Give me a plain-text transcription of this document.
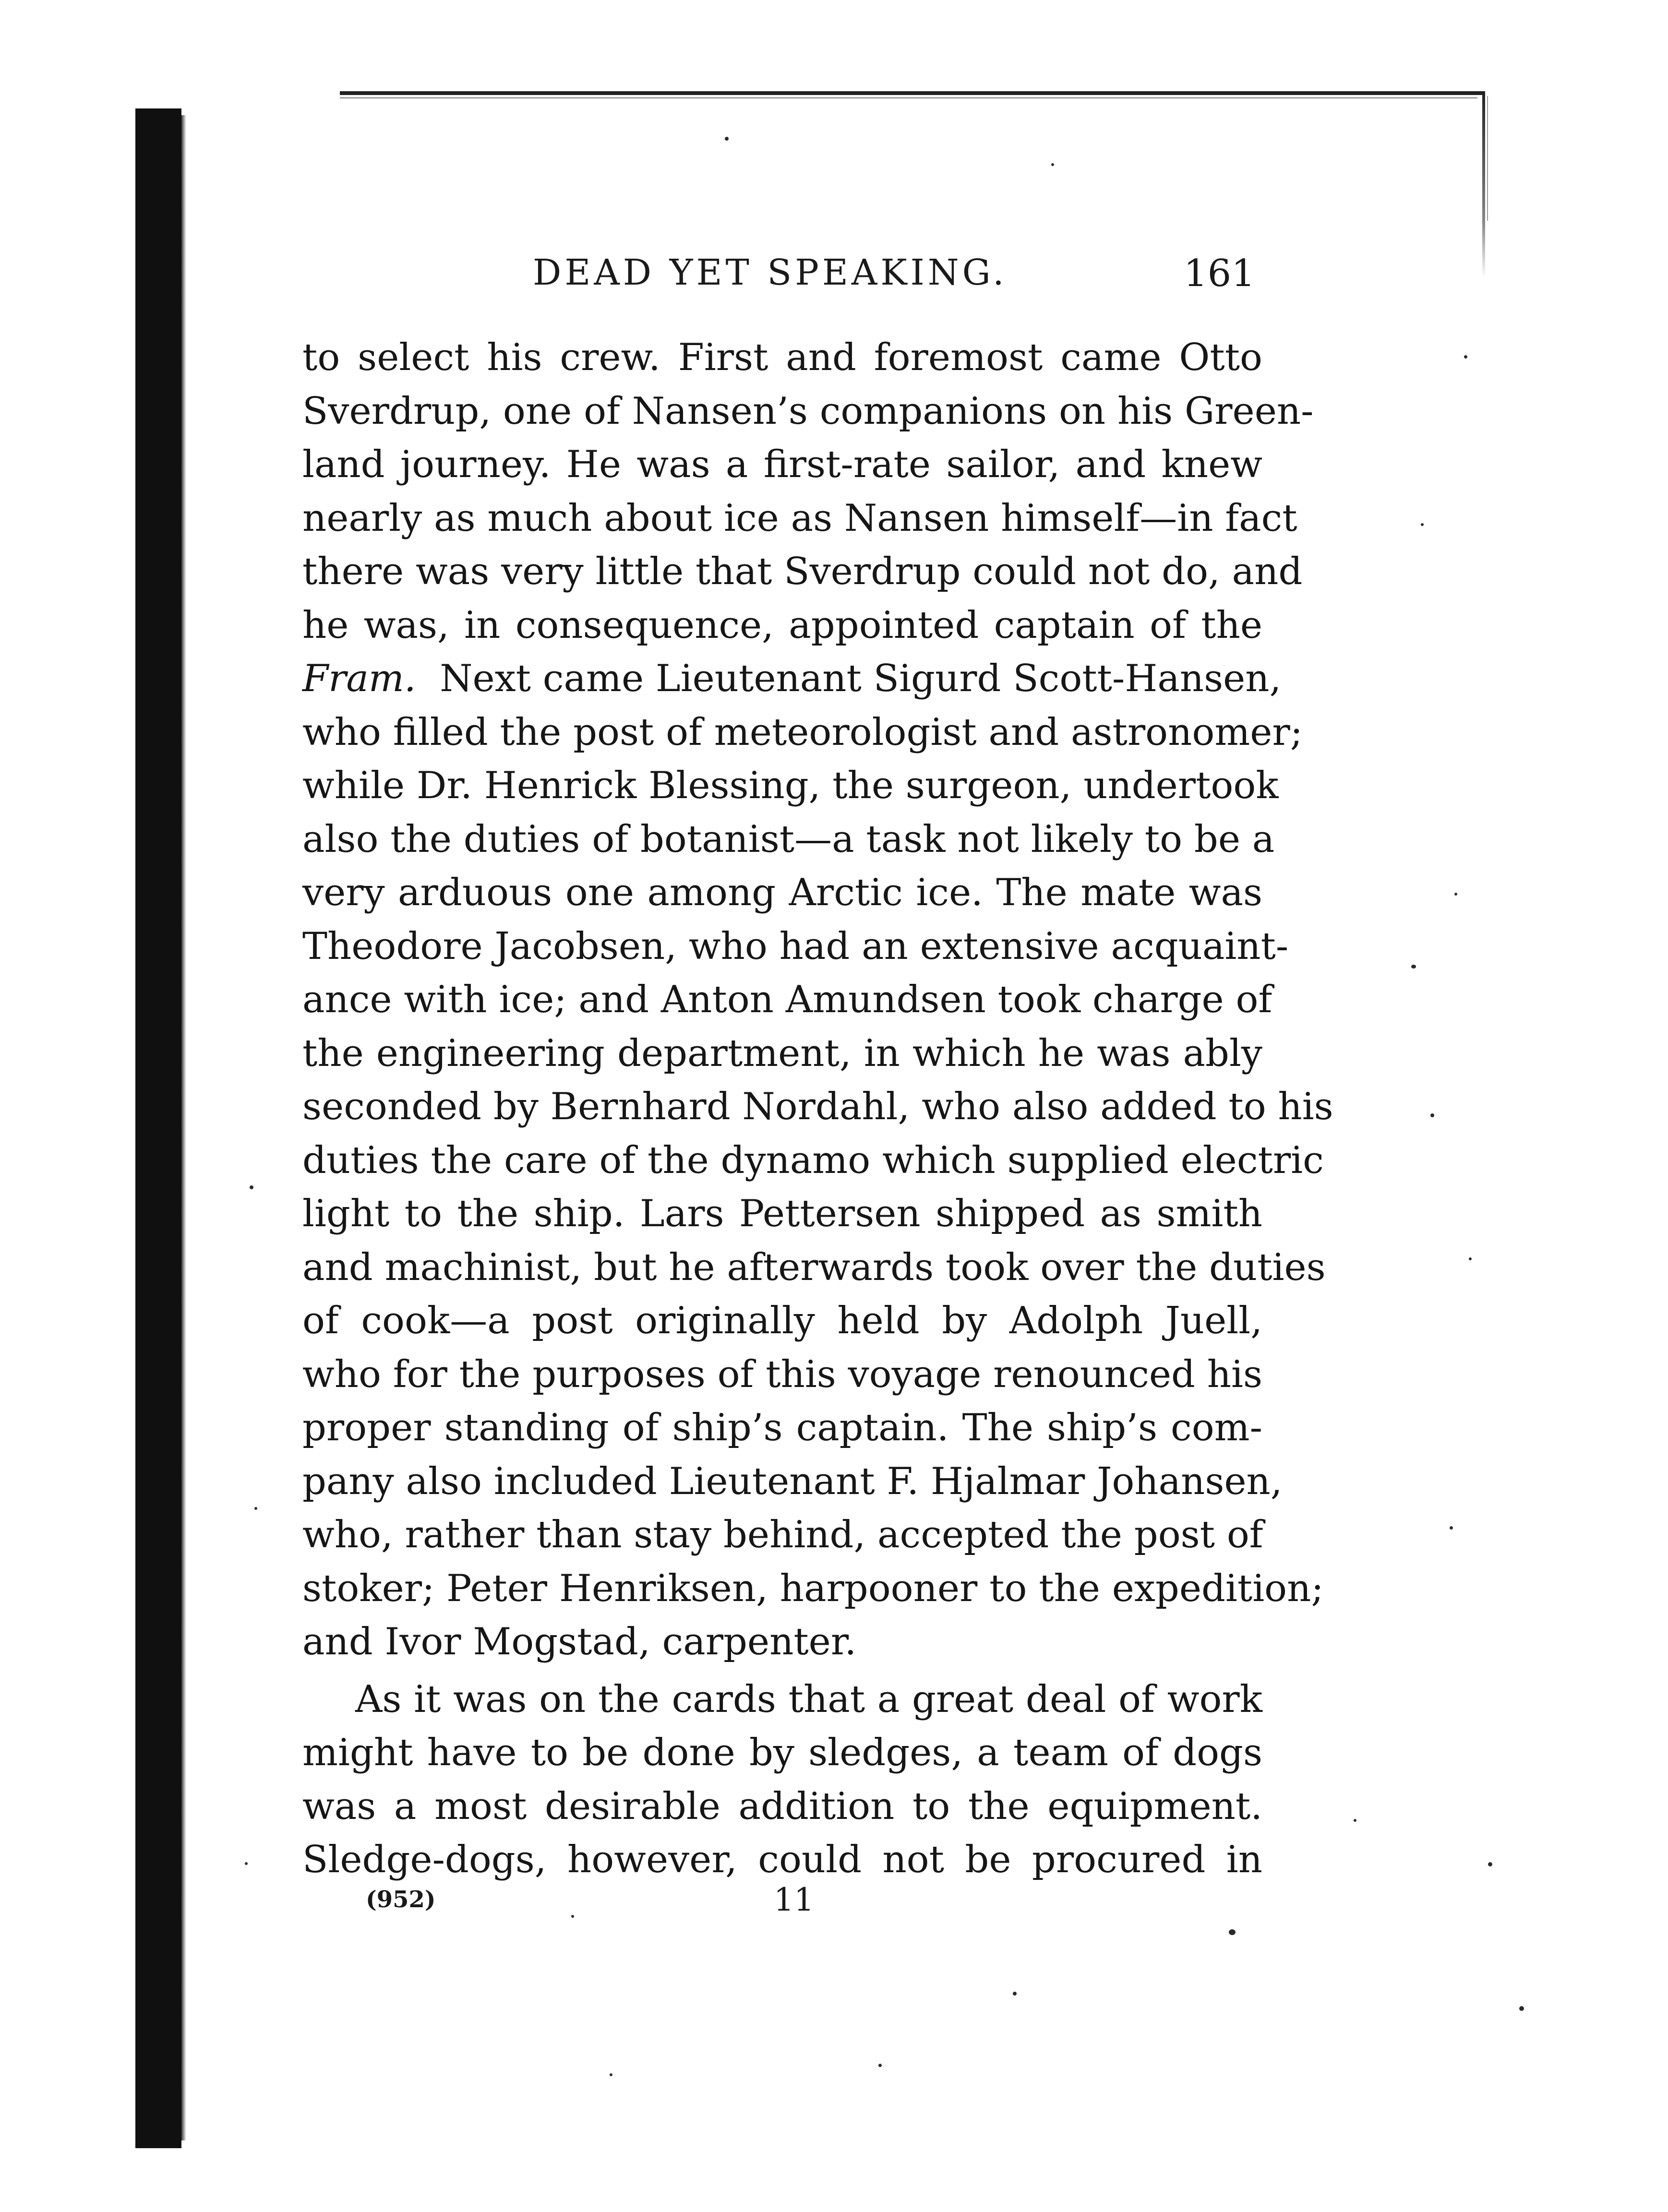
DEAD YET SPEAKING.	161
to select his crew. First and foremost came Otto
Sverdrup, one of Nansen’s companions on his Green-
land journey. He was a first-rate sailor, and knew
nearly as much about ice as Nansen himself—in fact
there was very little that Sverdrup could not do, and
he was, in consequence, appointed captain of the
Fram. Next came Lieutenant Sigurd Scott-Hansen,
who filled the post of meteorologist and astronomer;
while Dr. Henrick Blessing, the surgeon, undertook
also the duties of botanist—a task not likely to be a
very arduous one among Arctic ice. The mate was
Theodore Jacobsen, who had an extensive acquaint-
ance with ice; and Anton Amundsen took charge of
the engineering department, in which he was ably
seconded by Bernhard Nordahl, who also added to his
duties the care of the dynamo which supplied electric
light to the ship. Lars Pettersen shipped as smith
and machinist, but he afterwards took over the duties
of cook—a post originally held by Adolph Juell,
who for the purposes of this voyage renounced his
proper standing of ship’s captain. The ship’s com-
pany also included Lieutenant F. Hjalmar Johansen,
who, rather than stay behind, accepted the post of
stoker; Peter Henriksen, harpooner to the expedition;
and Ivor Mogstad, carpenter.
As it was on the cards that a great deal of work
might have to be done by sledges, a team of dogs
was a most desirable addition to the equipment.
Sledge-dogs, however, could not be procured in
(952)	11
